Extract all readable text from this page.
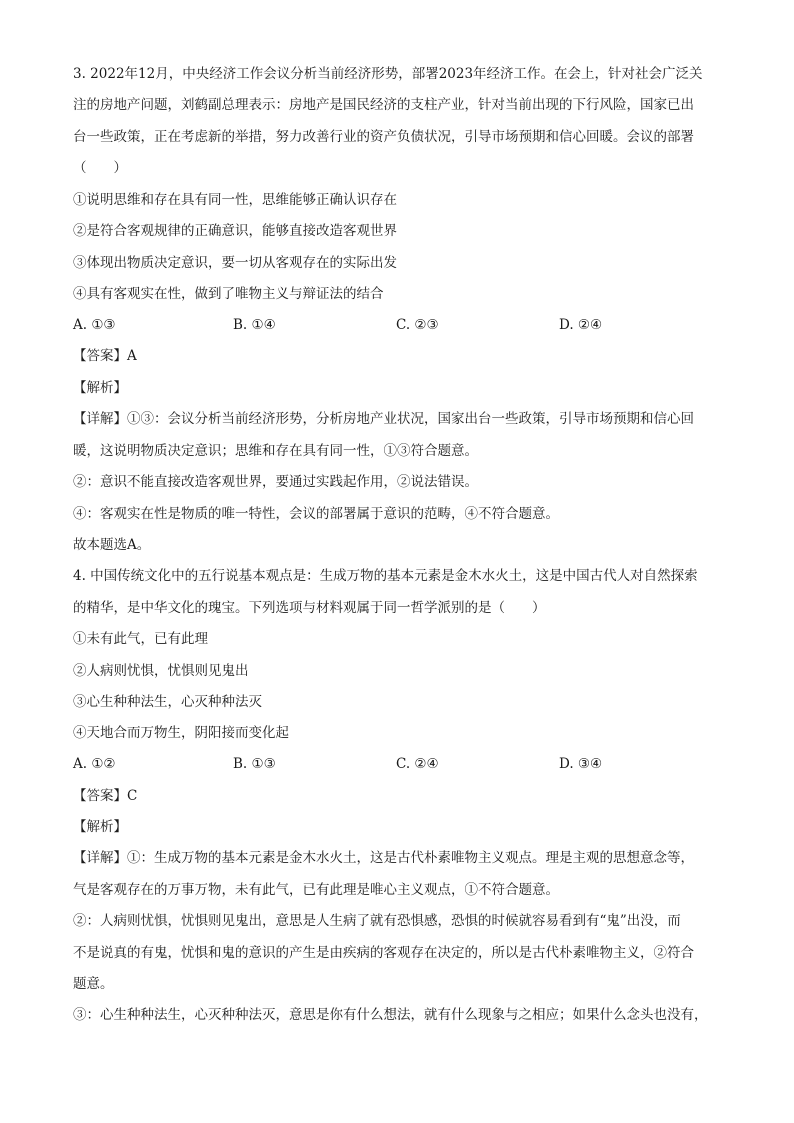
3. 2022年12月，中央经济工作会议分析当前经济形势，部署2023年经济工作。在会上，针对社会广泛关
注的房地产问题，刘鹤副总理表示：房地产是国民经济的支柱产业，针对当前出现的下行风险，国家已出
台一些政策，正在考虑新的举措，努力改善行业的资产负债状况，引导市场预期和信心回暖。会议的部署
（　　）
①说明思维和存在具有同一性，思维能够正确认识存在
②是符合客观规律的正确意识，能够直接改造客观世界
③体现出物质决定意识，要一切从客观存在的实际出发
④具有客观实在性，做到了唯物主义与辩证法的结合
A. ①③	B. ①④	C. ②③	D. ②④
【答案】A
【解析】
【详解】①③：会议分析当前经济形势，分析房地产业状况，国家出台一些政策，引导市场预期和信心回
暖，这说明物质决定意识；思维和存在具有同一性，①③符合题意。
②：意识不能直接改造客观世界，要通过实践起作用，②说法错误。
④：客观实在性是物质的唯一特性，会议的部署属于意识的范畴，④不符合题意。
故本题选A。
4. 中国传统文化中的五行说基本观点是：生成万物的基本元素是金木水火土，这是中国古代人对自然探索
的精华，是中华文化的瑰宝。下列选项与材料观属于同一哲学派别的是（　　）
①未有此气，已有此理
②人病则忧惧，忧惧则见鬼出
③心生种种法生，心灭种种法灭
④天地合而万物生，阴阳接而变化起
A. ①②	B. ①③	C. ②④	D. ③④
【答案】C
【解析】
【详解】①：生成万物的基本元素是金木水火土，这是古代朴素唯物主义观点。理是主观的思想意念等，
气是客观存在的万事万物，未有此气，已有此理是唯心主义观点，①不符合题意。
②：人病则忧惧，忧惧则见鬼出，意思是人生病了就有恐惧感，恐惧的时候就容易看到有“鬼”出没，而
不是说真的有鬼，忧惧和鬼的意识的产生是由疾病的客观存在决定的，所以是古代朴素唯物主义，②符合
题意。
③：心生种种法生，心灭种种法灭，意思是你有什么想法，就有什么现象与之相应；如果什么念头也没有，
